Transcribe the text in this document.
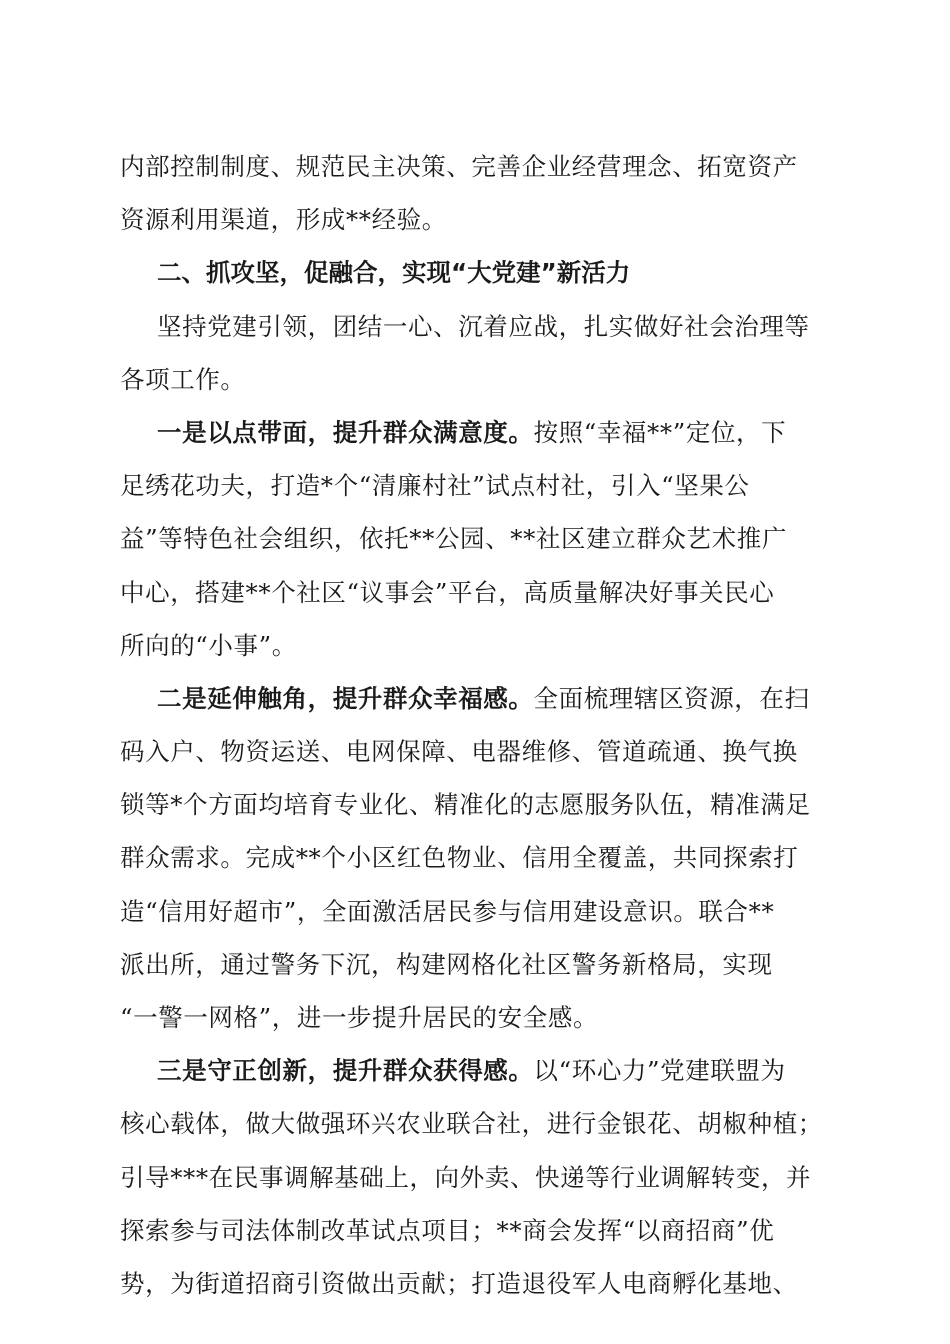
内部控制制度、规范民主决策、完善企业经营理念、拓宽资产
资源利用渠道，形成**经验。
二、抓攻坚，促融合，实现“大党建”新活力
坚持党建引领，团结一心、沉着应战，扎实做好社会治理等
各项工作。
一是以点带面，提升群众满意度。按照“幸福**”定位，下
足绣花功夫，打造*个“清廉村社”试点村社，引入“坚果公
益”等特色社会组织，依托**公园、**社区建立群众艺术推广
中心，搭建**个社区“议事会”平台，高质量解决好事关民心
所向的“小事”。
二是延伸触角，提升群众幸福感。全面梳理辖区资源，在扫
码入户、物资运送、电网保障、电器维修、管道疏通、换气换
锁等*个方面均培育专业化、精准化的志愿服务队伍，精准满足
群众需求。完成**个小区红色物业、信用全覆盖，共同探索打
造“信用好超市”，全面激活居民参与信用建设意识。联合**
派出所，通过警务下沉，构建网格化社区警务新格局，实现
“一警一网格”，进一步提升居民的安全感。
三是守正创新，提升群众获得感。以“环心力”党建联盟为
核心载体，做大做强环兴农业联合社，进行金银花、胡椒种植；
引导***在民事调解基础上，向外卖、快递等行业调解转变，并
探索参与司法体制改革试点项目；**商会发挥“以商招商”优
势，为街道招商引资做出贡献；打造退役军人电商孵化基地、
